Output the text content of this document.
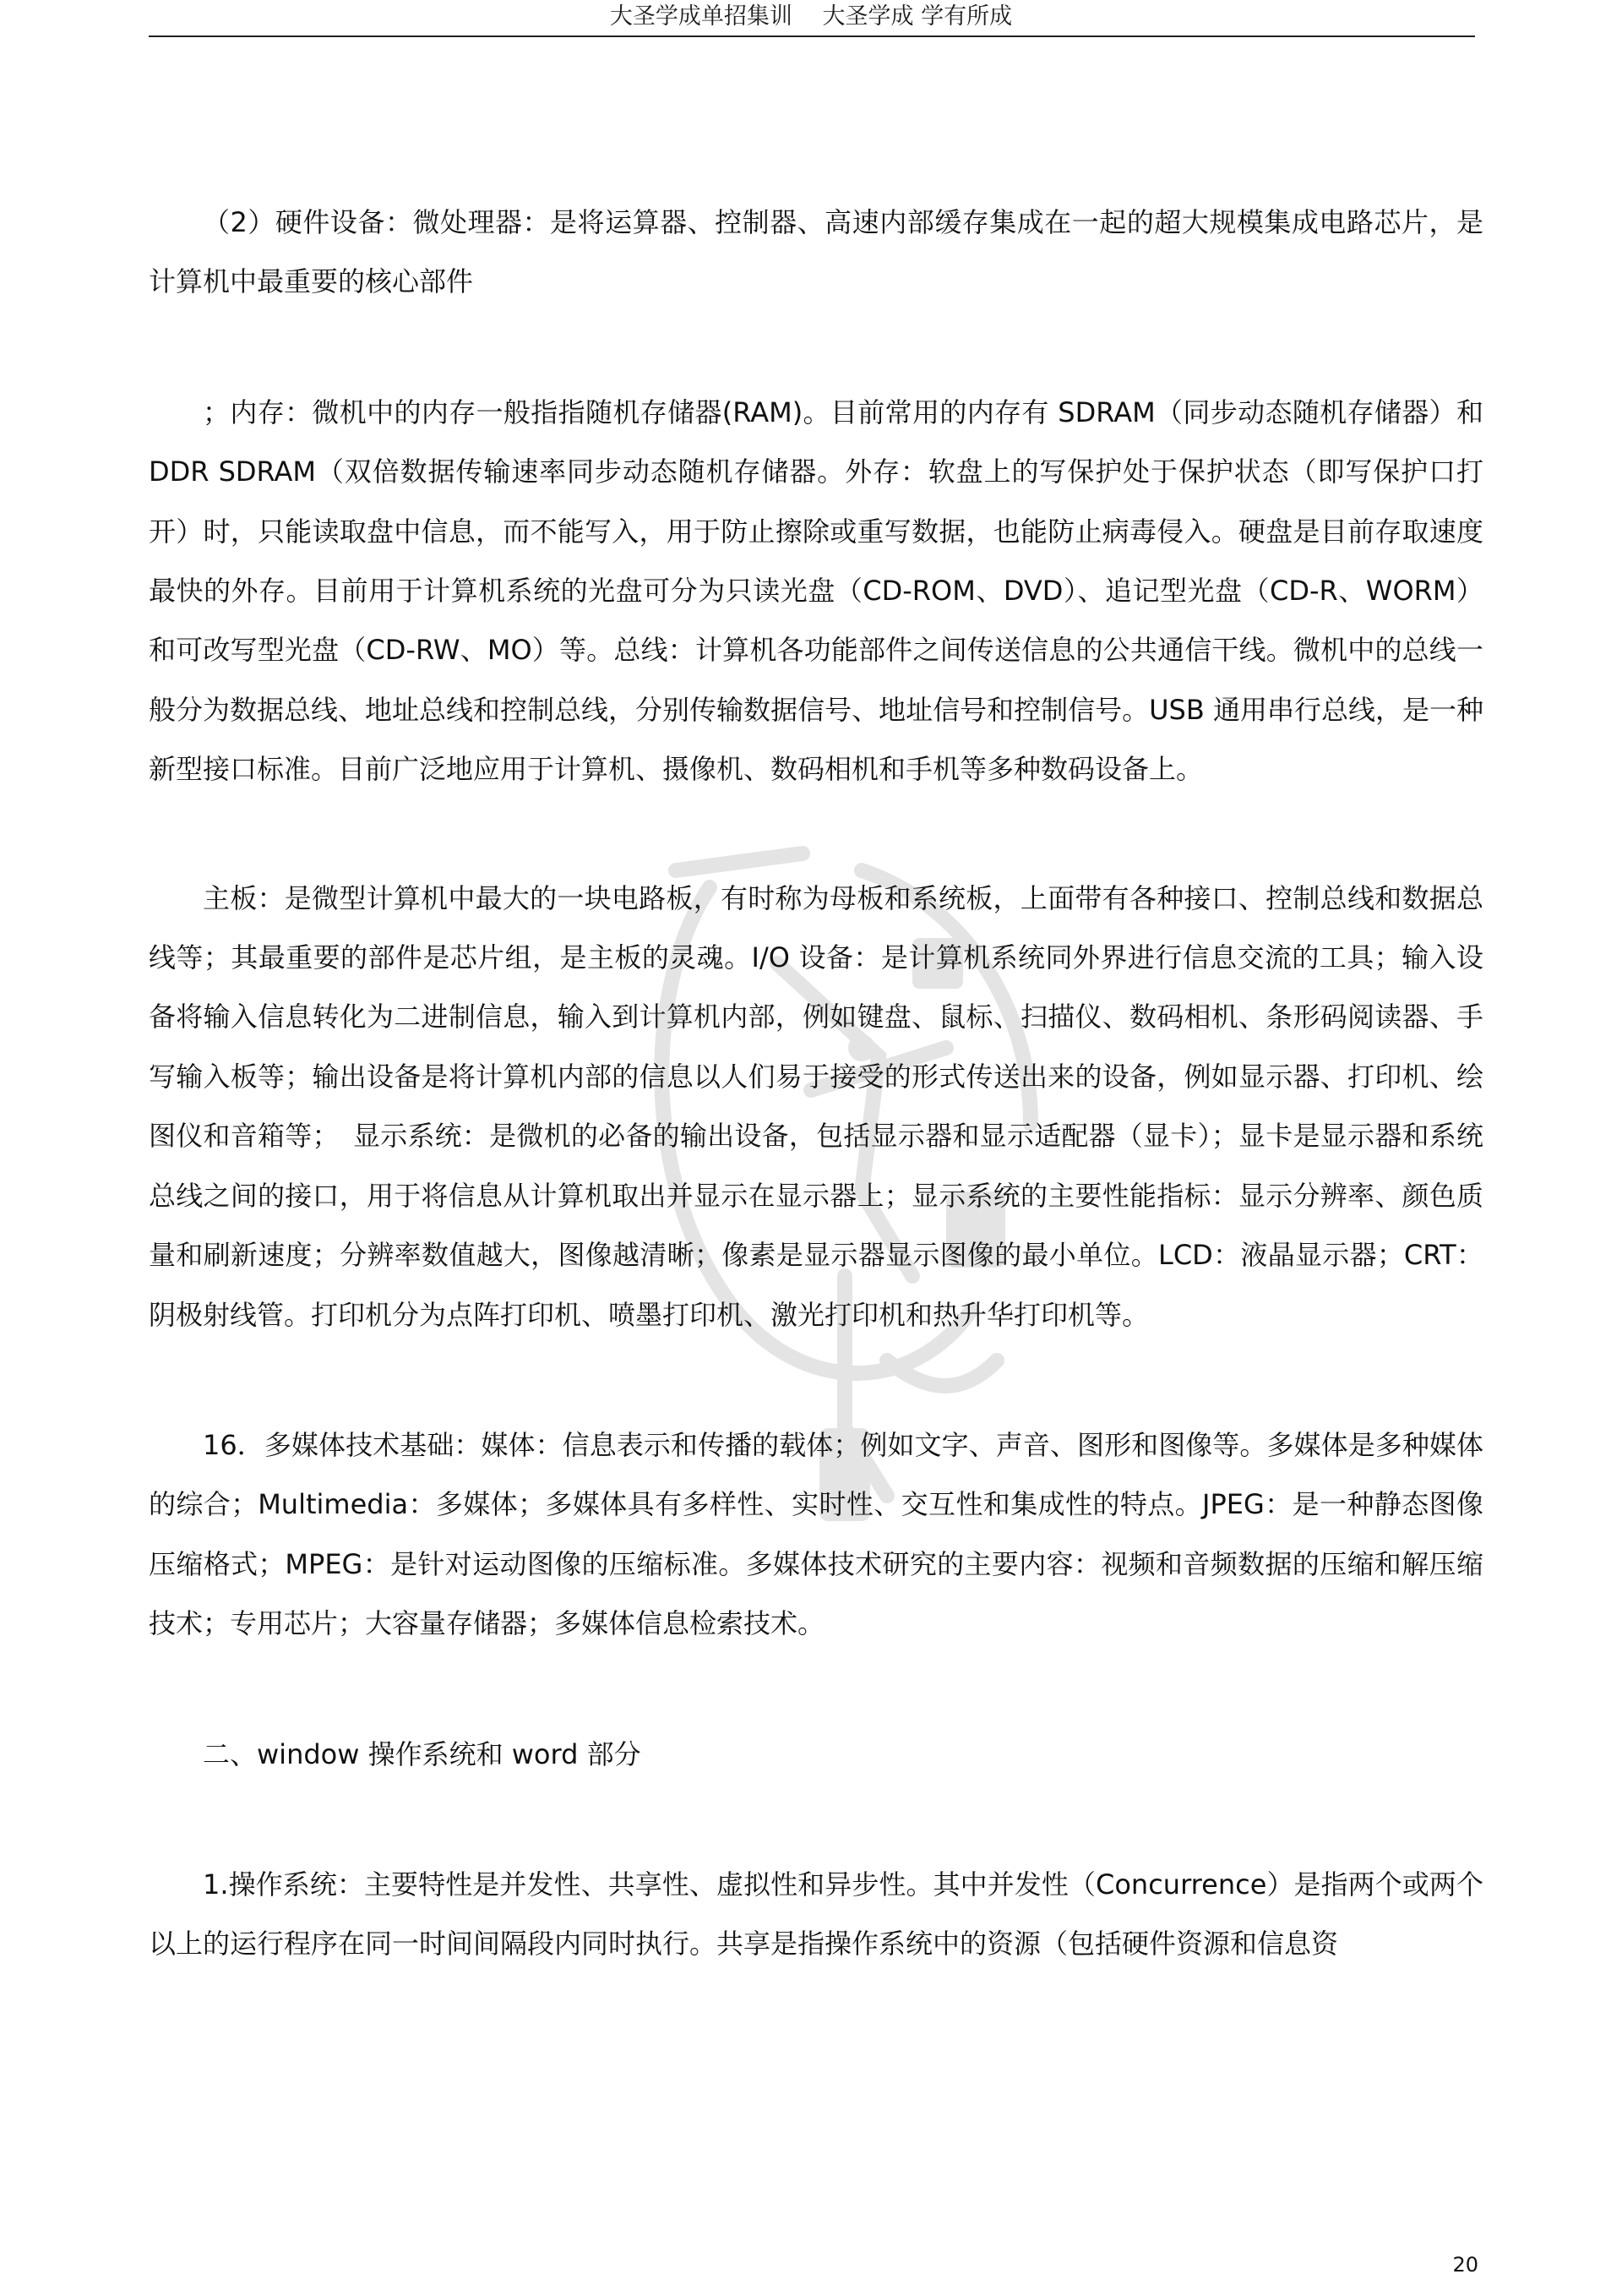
大圣学成单招集训　 大圣学成 学有所成

（2）硬件设备：微处理器：是将运算器、控制器、高速内部缓存集成在一起的超大规模集成电路芯片，是计算机中最重要的核心部件

；内存：微机中的内存一般指指随机存储器(RAM)。目前常用的内存有 SDRAM（同步动态随机存储器）和 DDR SDRAM（双倍数据传输速率同步动态随机存储器。外存：软盘上的写保护处于保护状态（即写保护口打开）时，只能读取盘中信息，而不能写入，用于防止擦除或重写数据，也能防止病毒侵入。硬盘是目前存取速度最快的外存。目前用于计算机系统的光盘可分为只读光盘（CD-ROM、DVD）、追记型光盘（CD-R、WORM）和可改写型光盘（CD-RW、MO）等。总线：计算机各功能部件之间传送信息的公共通信干线。微机中的总线一般分为数据总线、地址总线和控制总线，分别传输数据信号、地址信号和控制信号。USB 通用串行总线，是一种新型接口标准。目前广泛地应用于计算机、摄像机、数码相机和手机等多种数码设备上。

主板：是微型计算机中最大的一块电路板，有时称为母板和系统板，上面带有各种接口、控制总线和数据总线等；其最重要的部件是芯片组，是主板的灵魂。I/O 设备：是计算机系统同外界进行信息交流的工具；输入设备将输入信息转化为二进制信息，输入到计算机内部，例如键盘、鼠标、扫描仪、数码相机、条形码阅读器、手写输入板等；输出设备是将计算机内部的信息以人们易于接受的形式传送出来的设备，例如显示器、打印机、绘图仪和音箱等；　显示系统：是微机的必备的输出设备，包括显示器和显示适配器（显卡）；显卡是显示器和系统总线之间的接口，用于将信息从计算机取出并显示在显示器上；显示系统的主要性能指标：显示分辨率、颜色质量和刷新速度；分辨率数值越大，图像越清晰；像素是显示器显示图像的最小单位。LCD：液晶显示器；CRT：阴极射线管。打印机分为点阵打印机、喷墨打印机、激光打印机和热升华打印机等。

16．多媒体技术基础：媒体：信息表示和传播的载体；例如文字、声音、图形和图像等。多媒体是多种媒体的综合；Multimedia：多媒体；多媒体具有多样性、实时性、交互性和集成性的特点。JPEG：是一种静态图像压缩格式；MPEG：是针对运动图像的压缩标准。多媒体技术研究的主要内容：视频和音频数据的压缩和解压缩技术；专用芯片；大容量存储器；多媒体信息检索技术。

二、window 操作系统和 word 部分

1.操作系统：主要特性是并发性、共享性、虚拟性和异步性。其中并发性（Concurrence）是指两个或两个以上的运行程序在同一时间间隔段内同时执行。共享是指操作系统中的资源（包括硬件资源和信息资

20
